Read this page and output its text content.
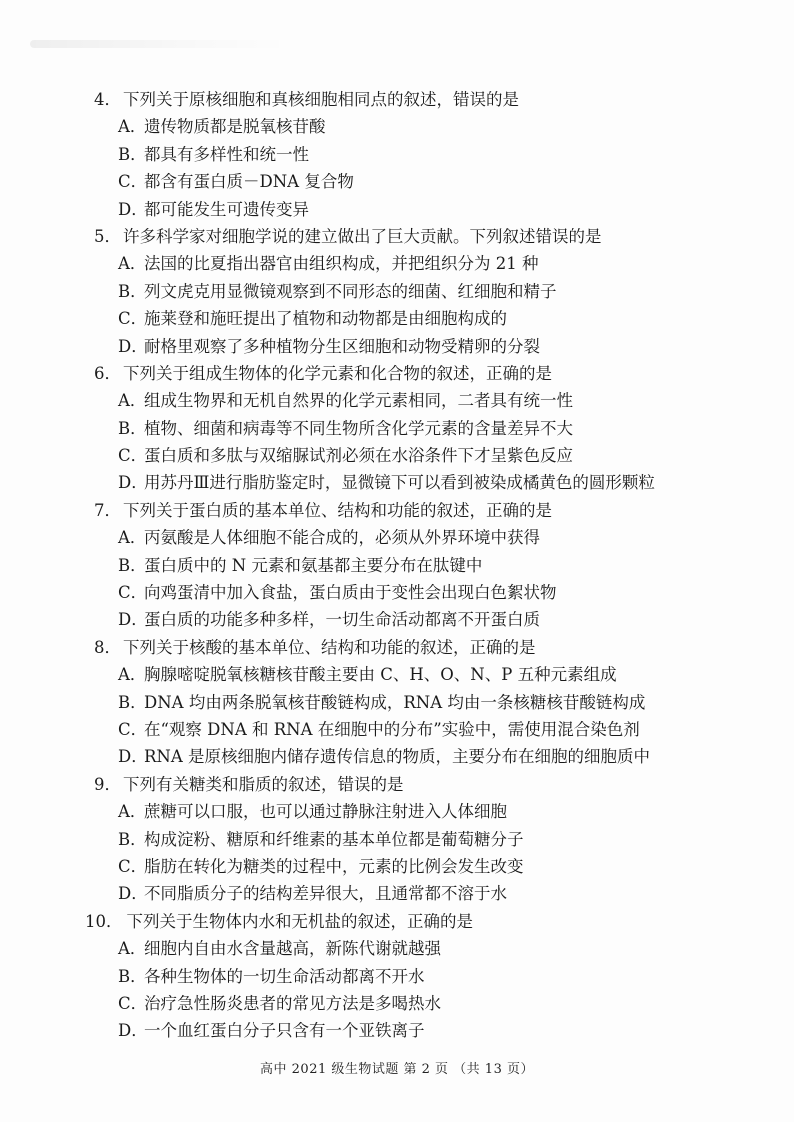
4． 下列关于原核细胞和真核细胞相同点的叙述，错误的是
A．
遗传物质都是脱氧核苷酸
B．
都具有多样性和统一性
C．
都含有蛋白质－DNA 复合物
D．
都可能发生可遗传变异
5． 许多科学家对细胞学说的建立做出了巨大贡献。下列叙述错误的是
A．
法国的比夏指出器官由组织构成，并把组织分为 21 种
B．
列文虎克用显微镜观察到不同形态的细菌、红细胞和精子
C．
施莱登和施旺提出了植物和动物都是由细胞构成的
D．
耐格里观察了多种植物分生区细胞和动物受精卵的分裂
6． 下列关于组成生物体的化学元素和化合物的叙述，正确的是
A．
组成生物界和无机自然界的化学元素相同，二者具有统一性
B．
植物、细菌和病毒等不同生物所含化学元素的含量差异不大
C．
蛋白质和多肽与双缩脲试剂必须在水浴条件下才呈紫色反应
D．
用苏丹Ⅲ进行脂肪鉴定时，显微镜下可以看到被染成橘黄色的圆形颗粒
7． 下列关于蛋白质的基本单位、结构和功能的叙述，正确的是
A．
丙氨酸是人体细胞不能合成的，必须从外界环境中获得
B．
蛋白质中的 N 元素和氨基都主要分布在肽键中
C．
向鸡蛋清中加入食盐，蛋白质由于变性会出现白色絮状物
D．
蛋白质的功能多种多样，一切生命活动都离不开蛋白质
8． 下列关于核酸的基本单位、结构和功能的叙述，正确的是
A．
胸腺嘧啶脱氧核糖核苷酸主要由 C、H、O、N、P 五种元素组成
B．
DNA 均由两条脱氧核苷酸链构成，RNA 均由一条核糖核苷酸链构成
C．
在“观察 DNA 和 RNA 在细胞中的分布”实验中，需使用混合染色剂
D．
RNA 是原核细胞内储存遗传信息的物质，主要分布在细胞的细胞质中
9． 下列有关糖类和脂质的叙述，错误的是
A．
蔗糖可以口服，也可以通过静脉注射进入人体细胞
B．
构成淀粉、糖原和纤维素的基本单位都是葡萄糖分子
C．
脂肪在转化为糖类的过程中，元素的比例会发生改变
D．
不同脂质分子的结构差异很大，且通常都不溶于水
10． 下列关于生物体内水和无机盐的叙述，正确的是
A．
细胞内自由水含量越高，新陈代谢就越强
B．
各种生物体的一切生命活动都离不开水
C．
治疗急性肠炎患者的常见方法是多喝热水
D．
一个血红蛋白分子只含有一个亚铁离子
高中 2021 级生物试题 第 2 页 （共 13 页）
